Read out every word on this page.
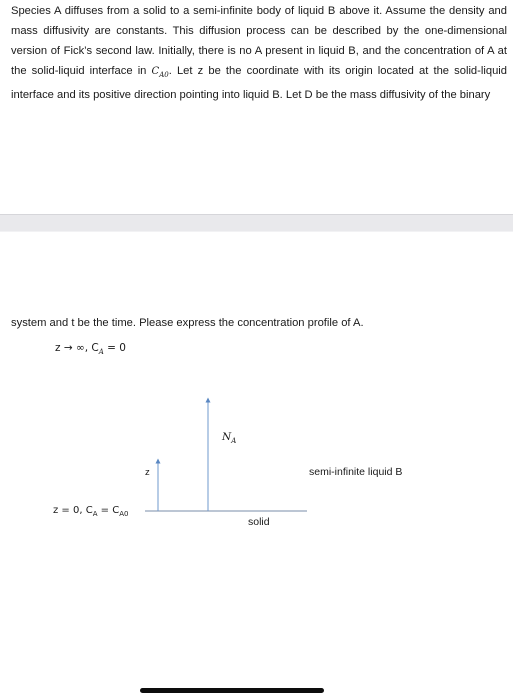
Species A diffuses from a solid to a semi-infinite body of liquid B above it. Assume the density and mass diffusivity are constants. This diffusion process can be described by the one-dimensional version of Fick’s second law. Initially, there is no A present in liquid B, and the concentration of A at the solid-liquid interface in $C_{A0}$. Let z be the coordinate with its origin located at the solid-liquid interface and its positive direction pointing into liquid B. Let D be the mass diffusivity of the binary

system and t be the time. Please express the concentration profile of A.

z → ∞, $C_A = 0$
z = 0, $C_A = C_{A0}$
$N_A$
z	semi-infinite liquid B
solid
